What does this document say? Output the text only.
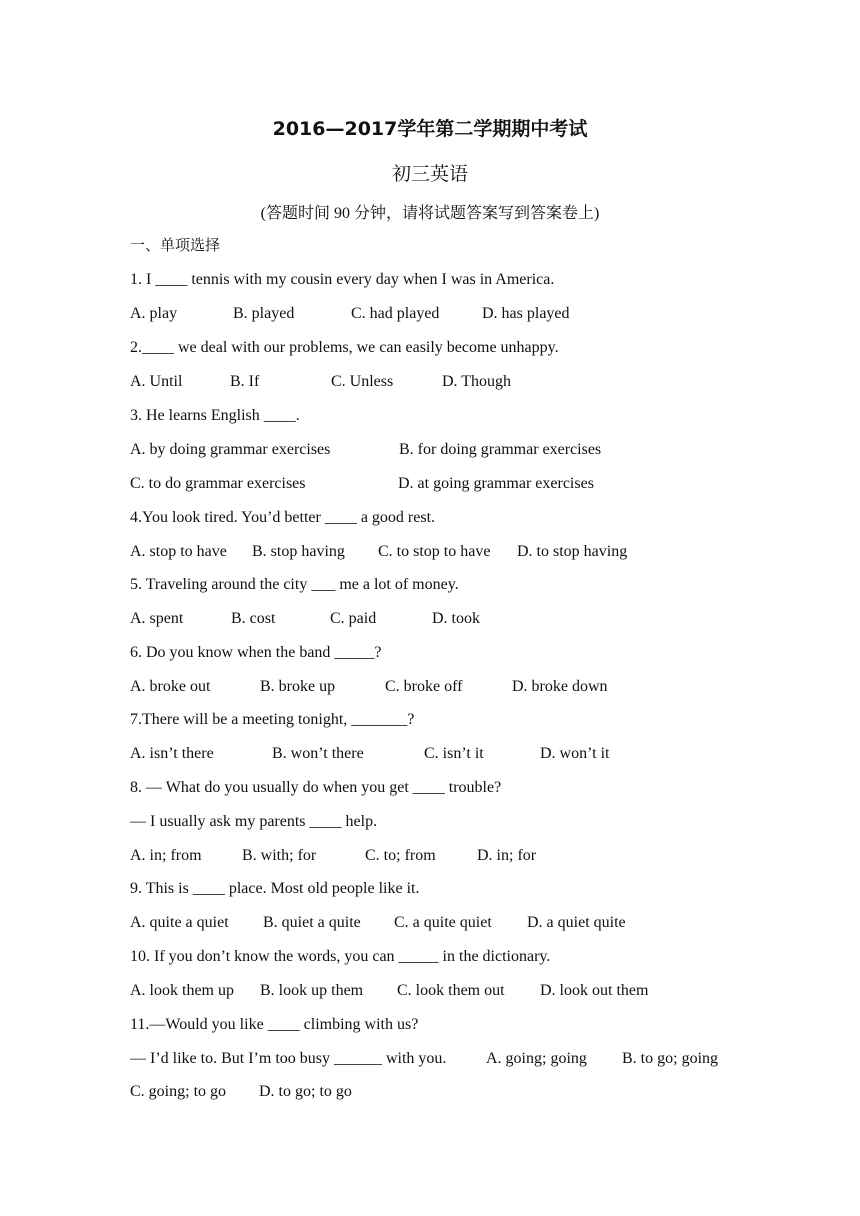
2016—2017学年第二学期期中考试
初三英语
(答题时间 90 分钟，请将试题答案写到答案卷上)
一、单项选择
1. I ____ tennis with my cousin every day when I was in America.
A. play	B. played	C. had played	D. has played
2.____ we deal with our problems, we can easily become unhappy.
A. Until	B. If	C. Unless	D. Though
3. He learns English ____.
A. by doing grammar exercises	B. for doing grammar exercises
C. to do grammar exercises	D. at going grammar exercises
4.You look tired. You’d better ____ a good rest.
A. stop to have B. stop having C. to stop to have D. to stop having
5. Traveling around the city ___ me a lot of money.
A. spent	B. cost	C. paid	D. took
6. Do you know when the band _____?
A. broke out	B. broke up	C. broke off	D. broke down
7.There will be a meeting tonight, _______?
A. isn’t there	B. won’t there	C. isn’t it	D. won’t it
8. — What do you usually do when you get ____ trouble?
— I usually ask my parents ____ help.
A. in; from	B. with; for	C. to; from	D. in; for
9. This is ____ place. Most old people like it.
A. quite a quiet B. quiet a quite C. a quite quiet D. a quiet quite
10. If you don’t know the words, you can _____ in the dictionary.
A. look them up B. look up them C. look them out D. look out them
11.—Would you like ____ climbing with us?
— I’d like to. But I’m too busy ______ with you. A. going; going B. to go; going
C. going; to go D. to go; to go
